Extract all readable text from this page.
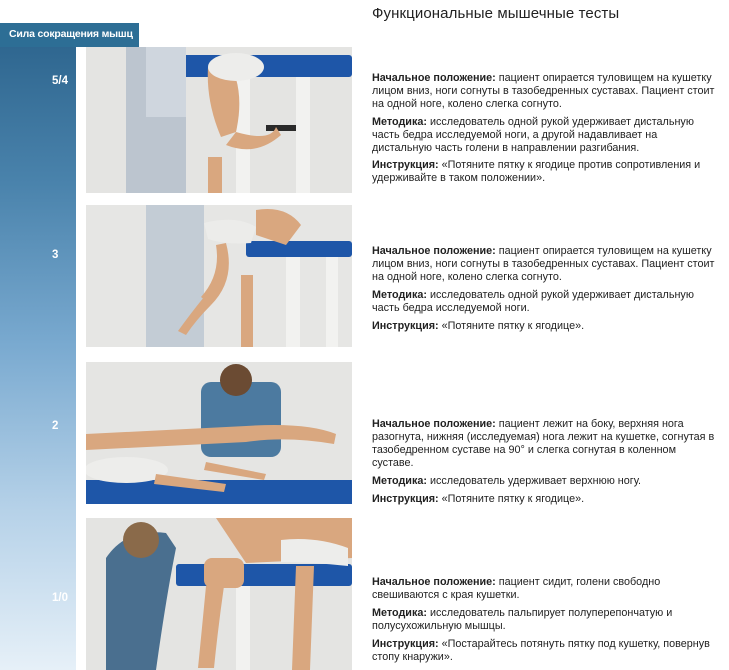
Функциональные мышечные тесты
Сила сокращения мышц
5/4
3
2
1/0

Начальное положение: пациент опирается туловищем на кушетку лицом вниз, ноги согнуты в тазобедренных суставах. Пациент стоит на одной ноге, колено слегка согнуто.

Методика: исследователь одной рукой удерживает дистальную часть бедра исследуемой ноги, а другой надавливает на дистальную часть голени в направлении разгибания.

Инструкция: «Потяните пятку к ягодице против сопротивления и удерживайте в таком положении».

Начальное положение: пациент опирается туловищем на кушетку лицом вниз, ноги согнуты в тазобедренных суставах. Пациент стоит на одной ноге, колено слегка согнуто.

Методика: исследователь одной рукой удерживает дистальную часть бедра исследуемой ноги.

Инструкция: «Потяните пятку к ягодице».

Начальное положение: пациент лежит на боку, верхняя нога разогнута, нижняя (исследуемая) нога лежит на кушетке, согнутая в тазобедренном суставе на 90° и слегка согнутая в коленном суставе.

Методика: исследователь удерживает верхнюю ногу.

Инструкция: «Потяните пятку к ягодице».

Начальное положение: пациент сидит, голени свободно свешиваются с края кушетки.

Методика: исследователь пальпирует полуперепончатую и полусухожильную мышцы.

Инструкция: «Постарайтесь потянуть пятку под кушетку, повернув стопу кнаружи».
